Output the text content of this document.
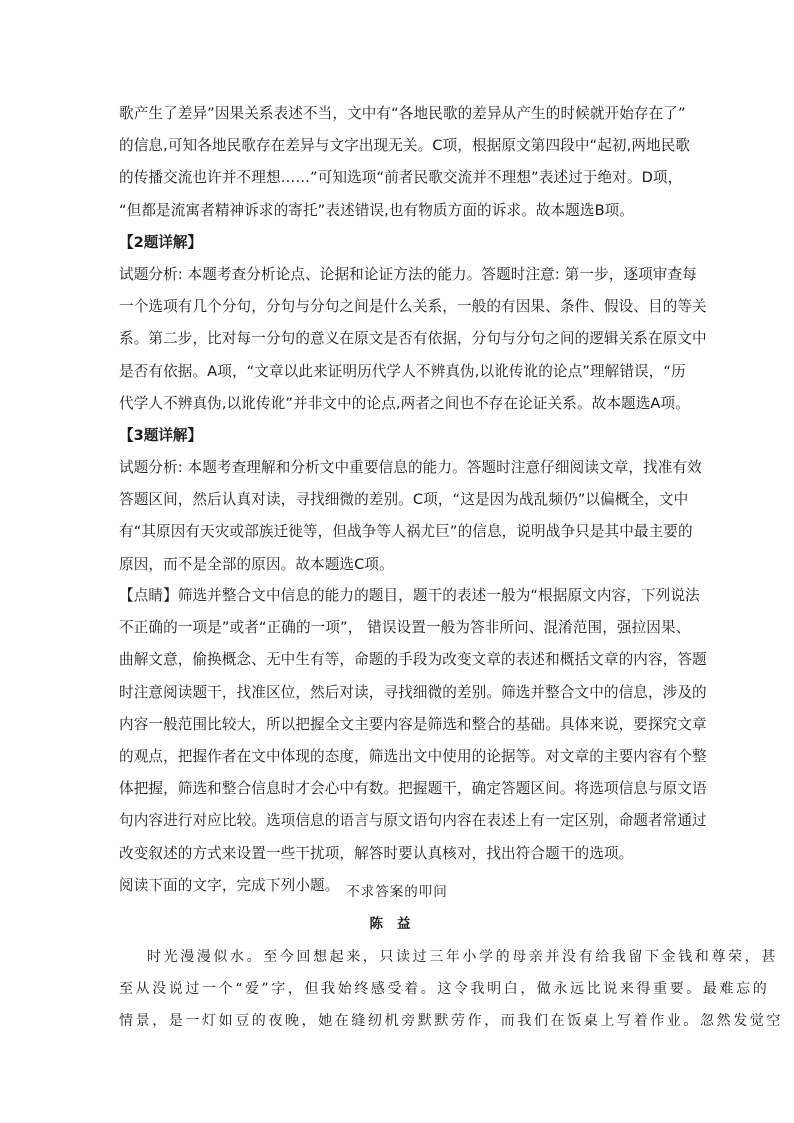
歌产生了差异”因果关系表述不当，文中有“各地民歌的差异从产生的时候就开始存在了”
的信息,可知各地民歌存在差异与文字出现无关。C项，根据原文第四段中“起初,两地民歌
的传播交流也许并不理想……”可知选项“前者民歌交流并不理想”表述过于绝对。D项，
“但都是流寓者精神诉求的寄托”表述错误,也有物质方面的诉求。故本题选B项。
【2题详解】
试题分析: 本题考查分析论点、论据和论证方法的能力。答题时注意: 第一步，逐项审查每
一个选项有几个分句，分句与分句之间是什么关系，一般的有因果、条件、假设、目的等关
系。第二步，比对每一分句的意义在原文是否有依据，分句与分句之间的逻辑关系在原文中
是否有依据。A项，“文章以此来证明历代学人不辨真伪,以讹传讹的论点”理解错误，“历
代学人不辨真伪,以讹传讹”并非文中的论点,两者之间也不存在论证关系。故本题选A项。
【3题详解】
试题分析: 本题考查理解和分析文中重要信息的能力。答题时注意仔细阅读文章，找准有效
答题区间，然后认真对读，寻找细微的差别。C项，“这是因为战乱频仍”以偏概全，文中
有“其原因有天灾或部族迁徙等，但战争等人祸尤巨”的信息，说明战争只是其中最主要的
原因，而不是全部的原因。故本题选C项。
【点睛】筛选并整合文中信息的能力的题目，题干的表述一般为“根据原文内容，下列说法
不正确的一项是”或者“正确的一项”， 错误设置一般为答非所问、混淆范围，强拉因果、
曲解文意，偷换概念、无中生有等，命题的手段为改变文章的表述和概括文章的内容，答题
时注意阅读题干，找准区位，然后对读，寻找细微的差别。筛选并整合文中的信息，涉及的
内容一般范围比较大，所以把握全文主要内容是筛选和整合的基础。具体来说，要探究文章
的观点，把握作者在文中体现的态度，筛选出文中使用的论据等。对文章的主要内容有个整
体把握，筛选和整合信息时才会心中有数。把握题干，确定答题区间。将选项信息与原文语
句内容进行对应比较。选项信息的语言与原文语句内容在表述上有一定区别，命题者常通过
改变叙述的方式来设置一些干扰项，解答时要认真核对，找出符合题干的选项。
阅读下面的文字，完成下列小题。 不求答案的叩问
陈益
时光漫漫似水。至今回想起来，只读过三年小学的母亲并没有给我留下金钱和尊荣，甚
至从没说过一个“爱”字，但我始终感受着。这令我明白，做永远比说来得重要。最难忘的
情景，是一灯如豆的夜晚，她在缝纫机旁默默劳作，而我们在饭桌上写着作业。忽然发觉空
